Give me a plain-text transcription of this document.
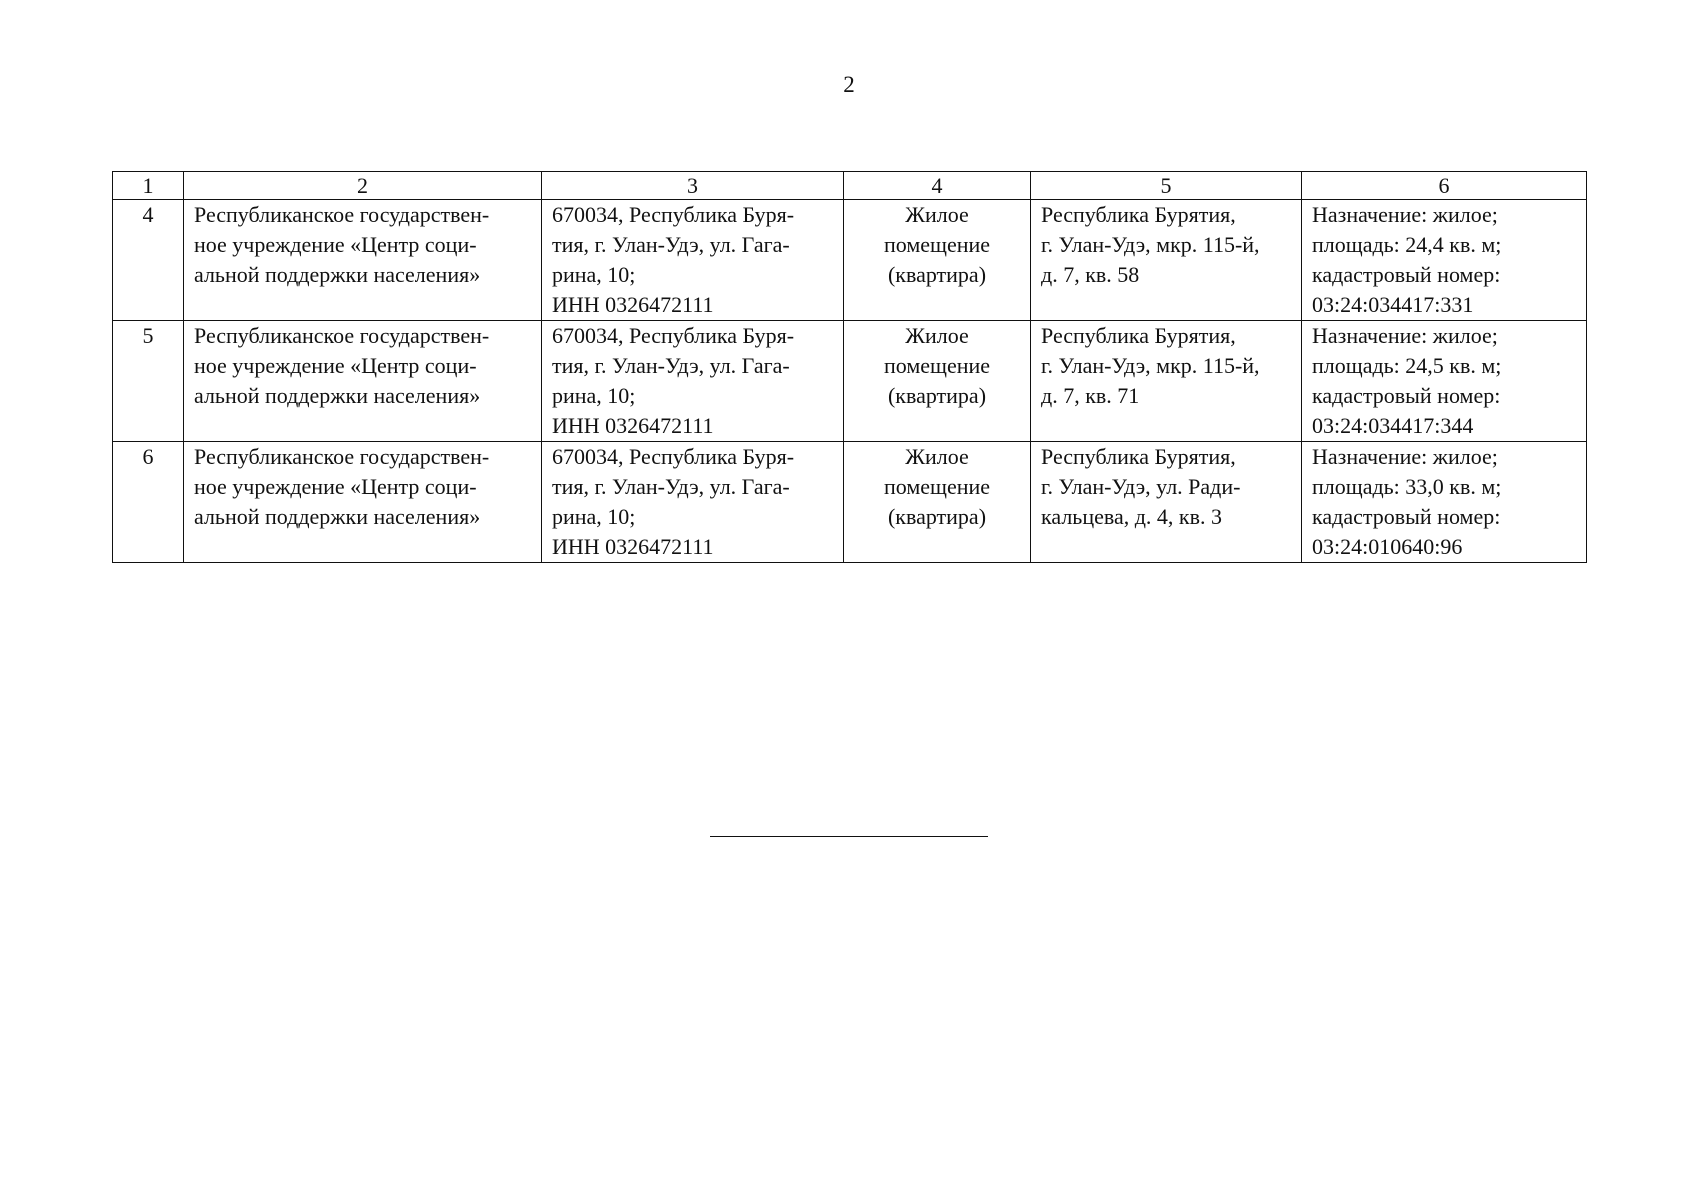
2
1	2	3	4	5	6
4	Республиканское государствен-
ное учреждение «Центр соци-
альной поддержки населения»	670034, Республика Буря-
тия, г. Улан-Удэ, ул. Гага-
рина, 10;
ИНН 0326472111	Жилое
помещение
(квартира)	Республика Бурятия,
г. Улан-Удэ, мкр. 115-й,
д. 7, кв. 58	Назначение: жилое;
площадь: 24,4 кв. м;
кадастровый номер:
03:24:034417:331

5	Республиканское государствен-
ное учреждение «Центр соци-
альной поддержки населения»	670034, Республика Буря-
тия, г. Улан-Удэ, ул. Гага-
рина, 10;
ИНН 0326472111	Жилое
помещение
(квартира)	Республика Бурятия,
г. Улан-Удэ, мкр. 115-й,
д. 7, кв. 71	Назначение: жилое;
площадь: 24,5 кв. м;
кадастровый номер:
03:24:034417:344

6	Республиканское государствен-
ное учреждение «Центр соци-
альной поддержки населения»	670034, Республика Буря-
тия, г. Улан-Удэ, ул. Гага-
рина, 10;
ИНН 0326472111	Жилое
помещение
(квартира)	Республика Бурятия,
г. Улан-Удэ, ул. Ради-
кальцева, д. 4, кв. 3	Назначение: жилое;
площадь: 33,0 кв. м;
кадастровый номер:
03:24:010640:96
